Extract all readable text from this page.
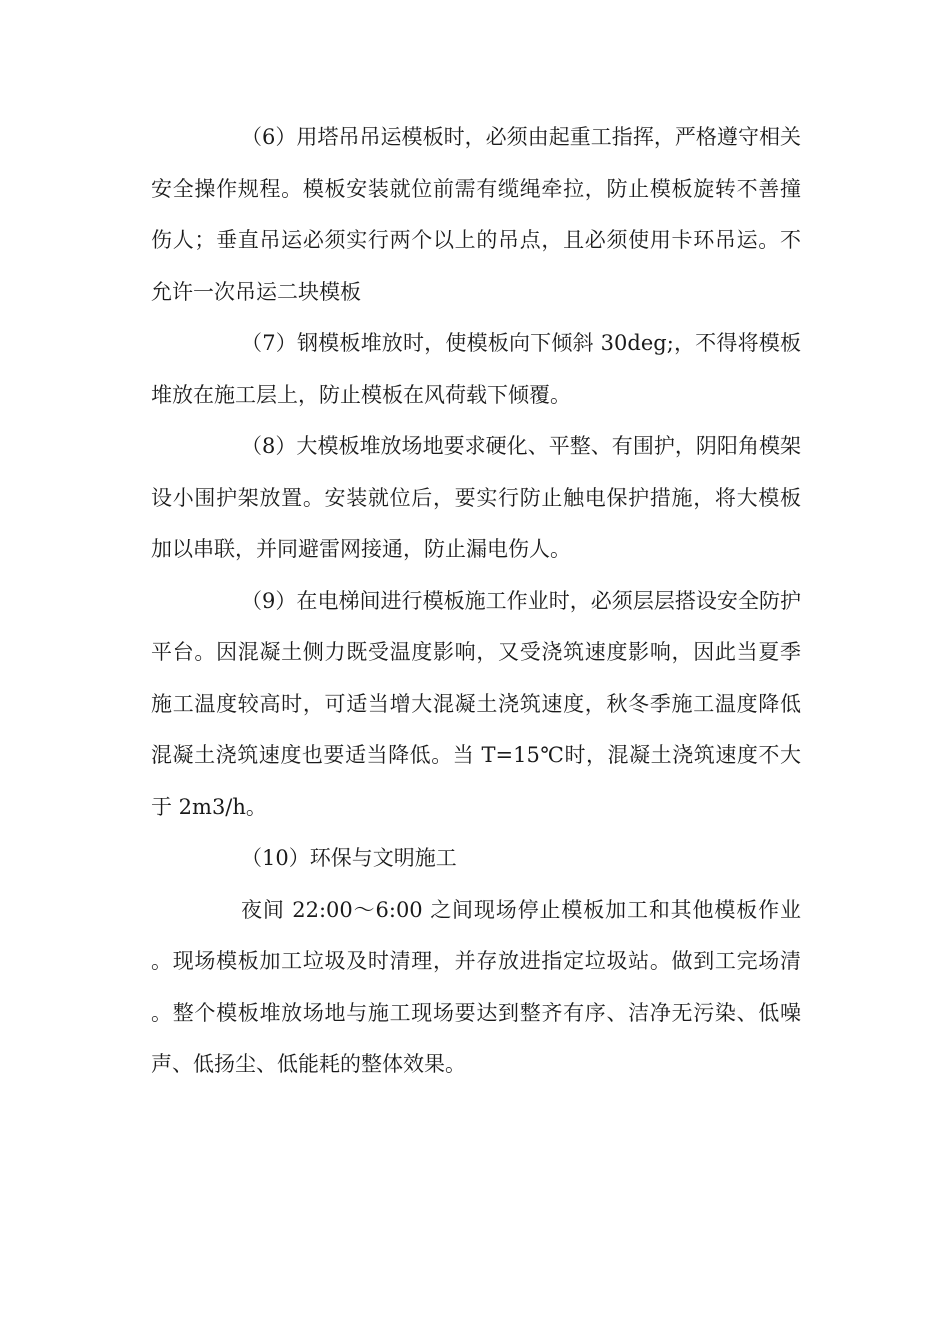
（6）用塔吊吊运模板时，必须由起重工指挥，严格遵守相关安全操作规程。模板安装就位前需有缆绳牵拉，防止模板旋转不善撞伤人；垂直吊运必须实行两个以上的吊点，且必须使用卡环吊运。不允许一次吊运二块模板

（7）钢模板堆放时，使模板向下倾斜 30deg;，不得将模板堆放在施工层上，防止模板在风荷载下倾覆。

（8）大模板堆放场地要求硬化、平整、有围护，阴阳角模架设小围护架放置。安装就位后，要实行防止触电保护措施，将大模板加以串联，并同避雷网接通，防止漏电伤人。

（9）在电梯间进行模板施工作业时，必须层层搭设安全防护平台。因混凝土侧力既受温度影响，又受浇筑速度影响，因此当夏季施工温度较高时，可适当增大混凝土浇筑速度，秋冬季施工温度降低混凝土浇筑速度也要适当降低。当 T=15℃时，混凝土浇筑速度不大于 2m3/h。

（10）环保与文明施工

夜间 22:00～6:00 之间现场停止模板加工和其他模板作业。现场模板加工垃圾及时清理，并存放进指定垃圾站。做到工完场清。整个模板堆放场地与施工现场要达到整齐有序、洁净无污染、低噪声、低扬尘、低能耗的整体效果。
